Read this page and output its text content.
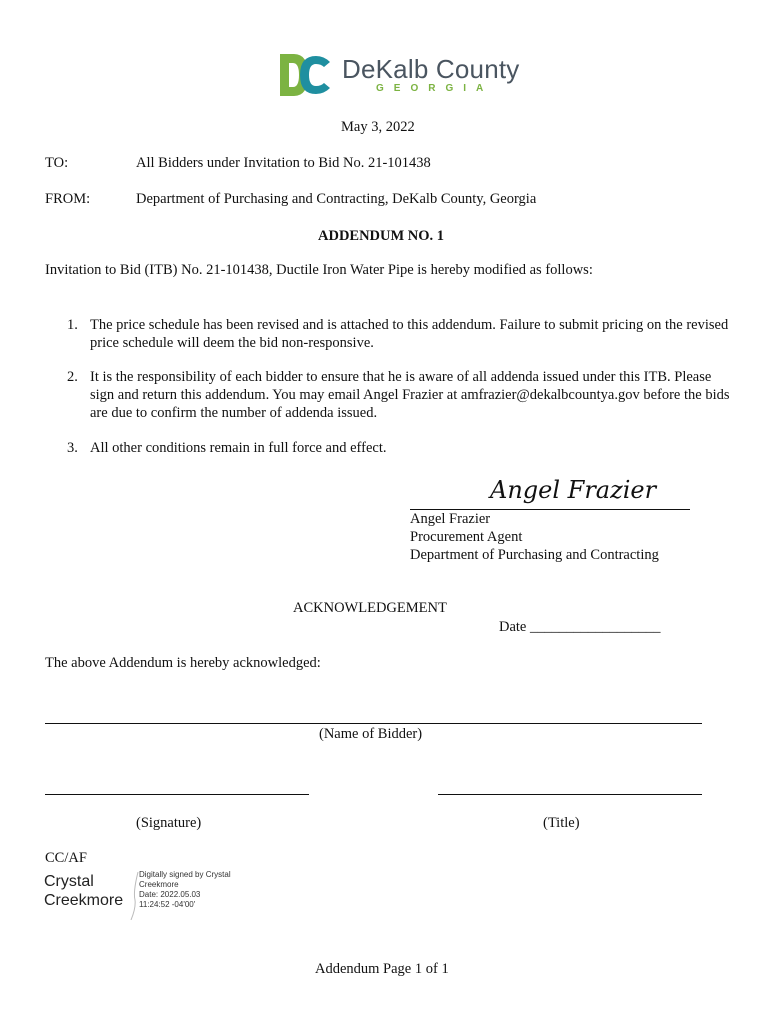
DeKalb County
GEORGIA
May 3, 2022
TO:	All Bidders under Invitation to Bid No. 21-101438
FROM:	Department of Purchasing and Contracting, DeKalb County, Georgia
ADDENDUM NO. 1
Invitation to Bid (ITB) No. 21-101438, Ductile Iron Water Pipe is hereby modified as follows:
1. The price schedule has been revised and is attached to this addendum. Failure to submit pricing on the revised price schedule will deem the bid non-responsive.
2. It is the responsibility of each bidder to ensure that he is aware of all addenda issued under this ITB. Please sign and return this addendum. You may email Angel Frazier at amfrazier@dekalbcountya.gov before the bids are due to confirm the number of addenda issued.
3. All other conditions remain in full force and effect.
Angel Frazier
Angel Frazier
Procurement Agent
Department of Purchasing and Contracting
ACKNOWLEDGEMENT
Date __________________
The above Addendum is hereby acknowledged:
(Name of Bidder)
(Signature)	(Title)
CC/AF
Crystal
Creekmore
Digitally signed by Crystal
Creekmore
Date: 2022.05.03
11:24:52 -04'00'
Addendum Page 1 of 1
